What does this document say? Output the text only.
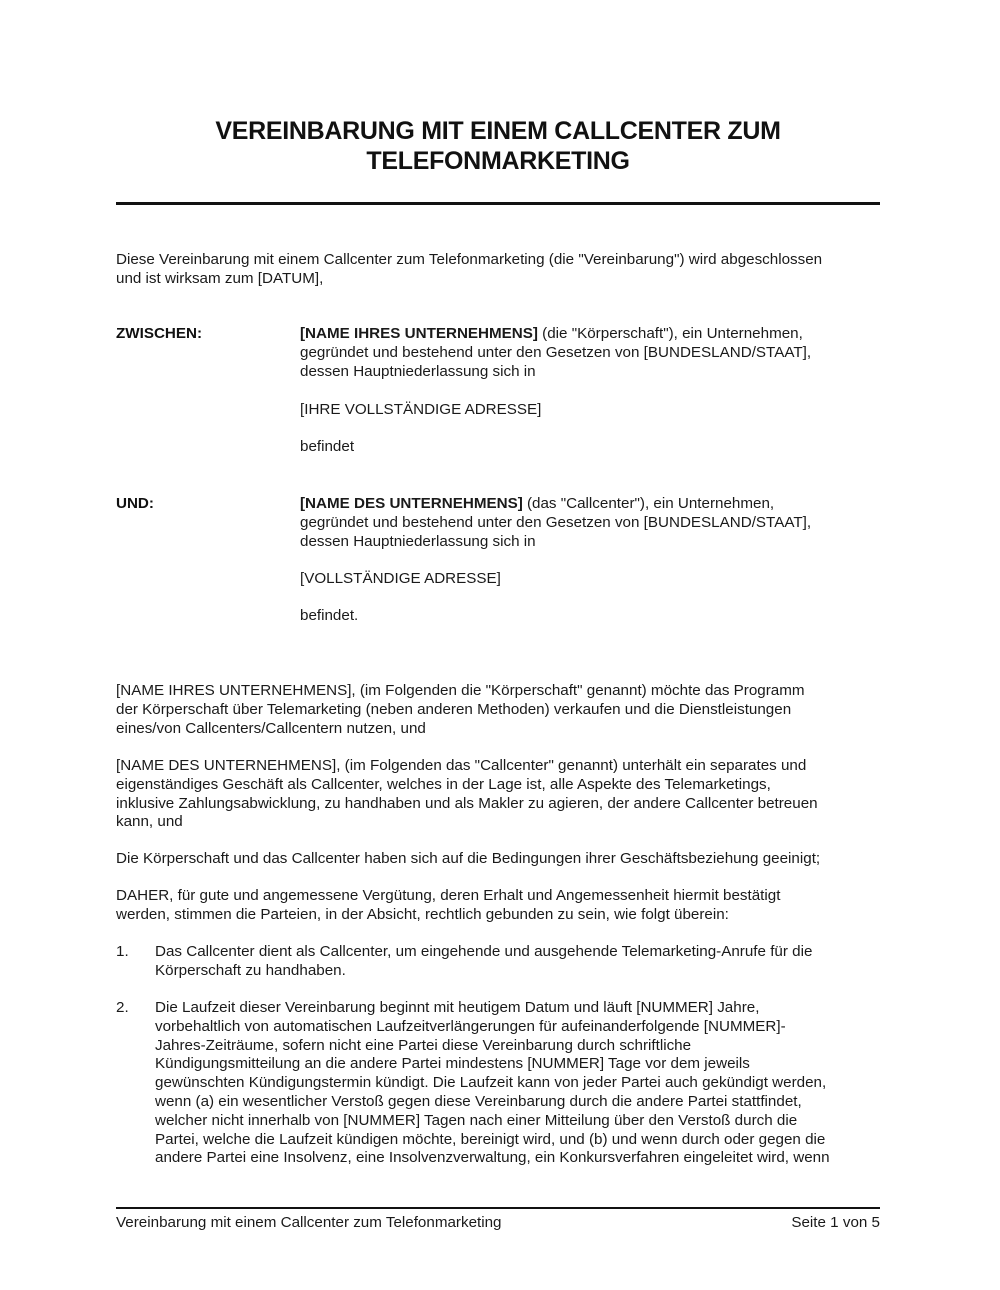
VEREINBARUNG MIT EINEM CALLCENTER ZUM
TELEFONMARKETING
Diese Vereinbarung mit einem Callcenter zum Telefonmarketing (die "Vereinbarung") wird abgeschlossen
und ist wirksam zum [DATUM],
ZWISCHEN:	[NAME IHRES UNTERNEHMENS] (die "Körperschaft"), ein Unternehmen,
gegründet und bestehend unter den Gesetzen von [BUNDESLAND/STAAT],
dessen Hauptniederlassung sich in
[IHRE VOLLSTÄNDIGE ADRESSE]
befindet
UND:	[NAME DES UNTERNEHMENS] (das "Callcenter"), ein Unternehmen,
gegründet und bestehend unter den Gesetzen von [BUNDESLAND/STAAT],
dessen Hauptniederlassung sich in
[VOLLSTÄNDIGE ADRESSE]
befindet.
[NAME IHRES UNTERNEHMENS], (im Folgenden die "Körperschaft" genannt) möchte das Programm
der Körperschaft über Telemarketing (neben anderen Methoden) verkaufen und die Dienstleistungen
eines/von Callcenters/Callcentern nutzen, und
[NAME DES UNTERNEHMENS], (im Folgenden das "Callcenter" genannt) unterhält ein separates und
eigenständiges Geschäft als Callcenter, welches in der Lage ist, alle Aspekte des Telemarketings,
inklusive Zahlungsabwicklung, zu handhaben und als Makler zu agieren, der andere Callcenter betreuen
kann, und
Die Körperschaft und das Callcenter haben sich auf die Bedingungen ihrer Geschäftsbeziehung geeinigt;
DAHER, für gute und angemessene Vergütung, deren Erhalt und Angemessenheit hiermit bestätigt
werden, stimmen die Parteien, in der Absicht, rechtlich gebunden zu sein, wie folgt überein:
1.	Das Callcenter dient als Callcenter, um eingehende und ausgehende Telemarketing-Anrufe für die
Körperschaft zu handhaben.
2.	Die Laufzeit dieser Vereinbarung beginnt mit heutigem Datum und läuft [NUMMER] Jahre,
vorbehaltlich von automatischen Laufzeitverlängerungen für aufeinanderfolgende [NUMMER]-
Jahres-Zeiträume, sofern nicht eine Partei diese Vereinbarung durch schriftliche
Kündigungsmitteilung an die andere Partei mindestens [NUMMER] Tage vor dem jeweils
gewünschten Kündigungstermin kündigt. Die Laufzeit kann von jeder Partei auch gekündigt werden,
wenn (a) ein wesentlicher Verstoß gegen diese Vereinbarung durch die andere Partei stattfindet,
welcher nicht innerhalb von [NUMMER] Tagen nach einer Mitteilung über den Verstoß durch die
Partei, welche die Laufzeit kündigen möchte, bereinigt wird, und (b) und wenn durch oder gegen die
andere Partei eine Insolvenz, eine Insolvenzverwaltung, ein Konkursverfahren eingeleitet wird, wenn
Vereinbarung mit einem Callcenter zum Telefonmarketing	Seite 1 von 5
